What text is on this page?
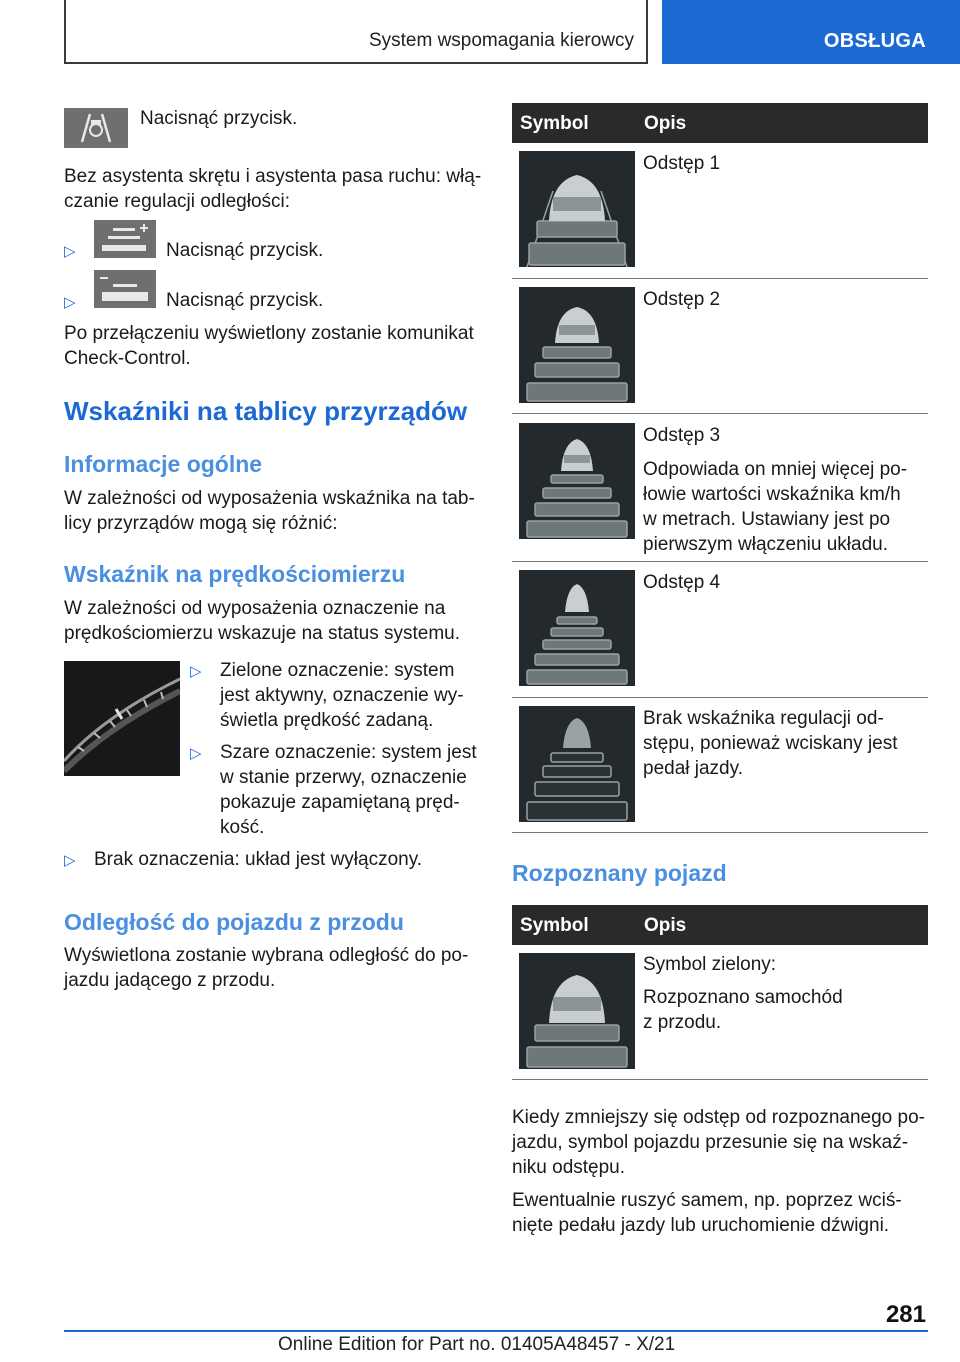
System wspomagania kierowcy	OBSŁUGA

Nacisnąć przycisk.

Bez asystenta skrętu i asystenta pasa ruchu: włą‐

czanie regulacji odległości:

▷	Nacisnąć przycisk.

▷	Nacisnąć przycisk.

Po przełączeniu wyświetlony zostanie komunikat

Check-Control.

Wskaźniki na tablicy przyrządów
Informacje ogólne

W zależności od wyposażenia wskaźnika na tab‐

licy przyrządów mogą się różnić:

Wskaźnik na prędkościomierzu

W zależności od wyposażenia oznaczenie na

prędkościomierzu wskazuje na status systemu.

▷ Zielone oznaczenie: system

jest aktywny, oznaczenie wy‐

świetla prędkość zadaną.

▷ Szare oznaczenie: system jest

w stanie przerwy, oznaczenie

pokazuje zapamiętaną pręd‐

kość.

▷ Brak oznaczenia: układ jest wyłączony.

Odległość do pojazdu z przodu

Wyświetlona zostanie wybrana odległość do po‐

jazdu jadącego z przodu.

Symbol	Opis
Odstęp 1
Odstęp 2
Odstęp 3

Odpowiada on mniej więcej po‐

łowie wartości wskaźnika km/h

w metrach. Ustawiany jest po

pierwszym włączeniu układu.

Odstęp 4
Brak wskaźnika regulacji od‐
stępu, ponieważ wciskany jest
pedał jazdy.
Rozpoznany pojazd
Symbol	Opis
Symbol zielony:

Rozpoznano samochód

z przodu.

Kiedy zmniejszy się odstęp od rozpoznanego po‐

jazdu, symbol pojazdu przesunie się na wskaź‐

niku odstępu.

Ewentualnie ruszyć samem, np. poprzez wciś‐

nięte pedału jazdy lub uruchomienie dźwigni.

281
Online Edition for Part no. 01405A48457 - X/21
